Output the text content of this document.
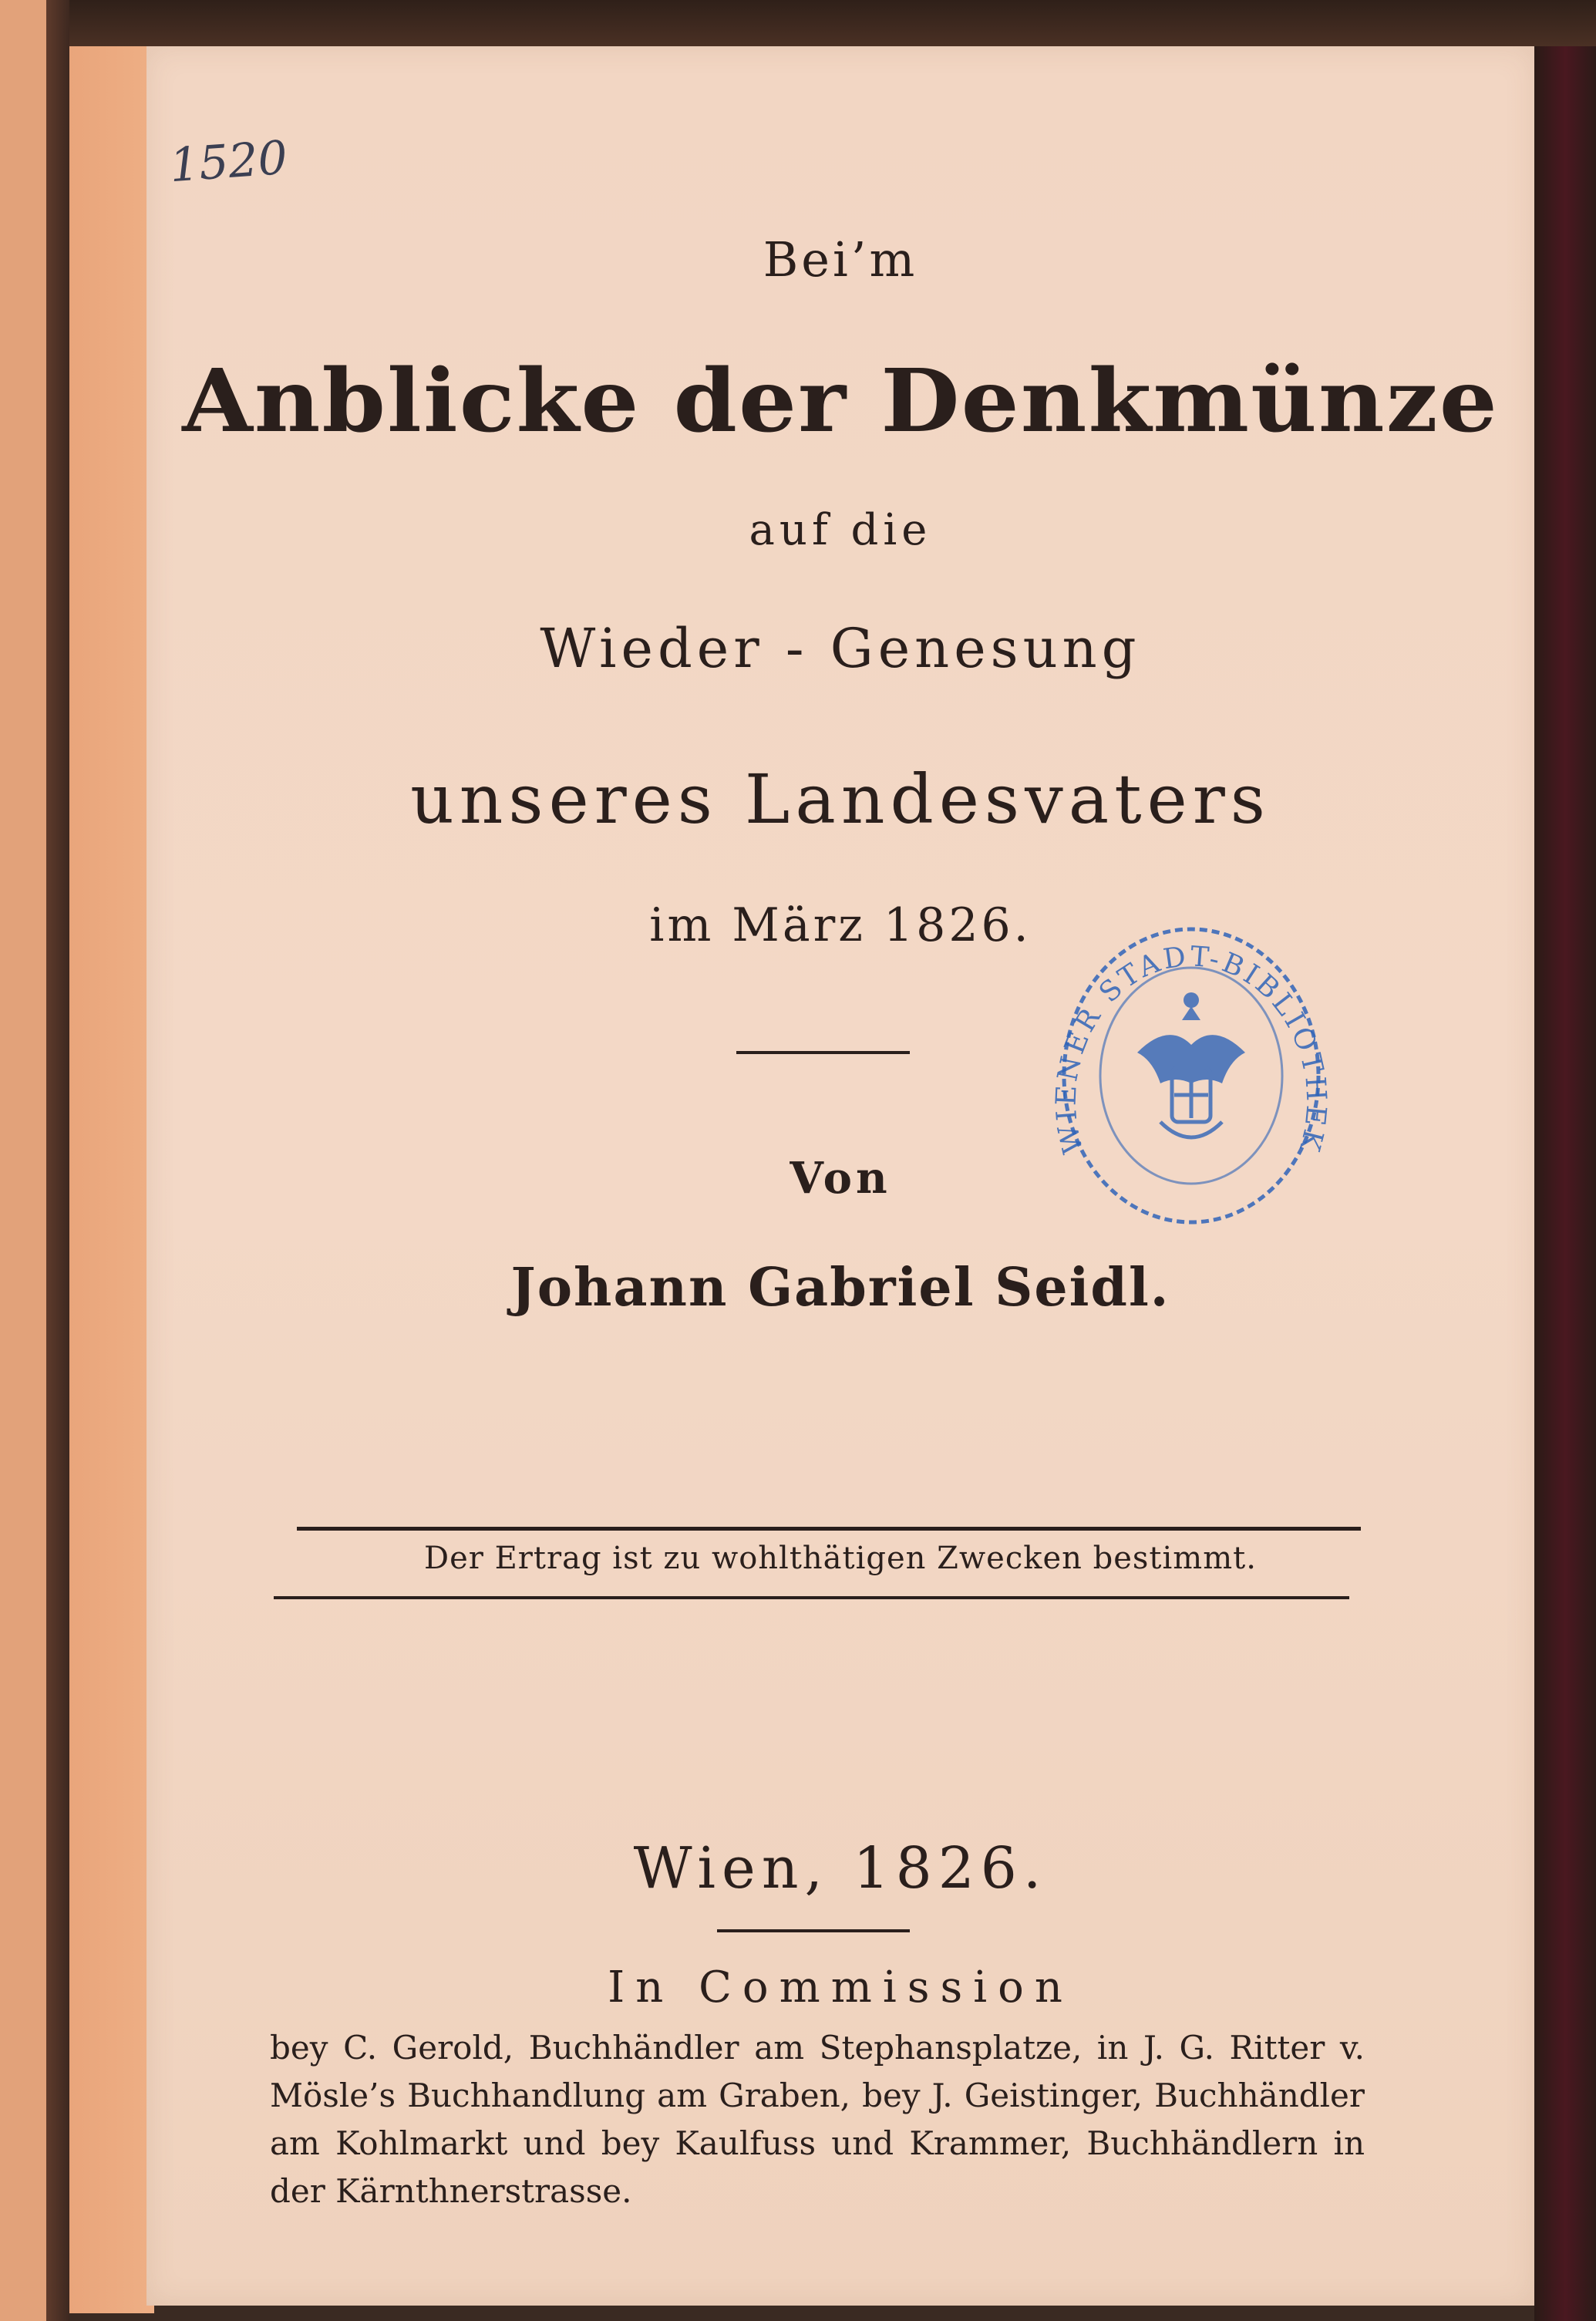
1520
Bei’m
Anblicke der Denkmünze
auf die
Wieder - Genesung
unseres Landesvaters
im März 1826.
WIENER STADT-BIBLIOTHEK
Von
Johann Gabriel Seidl.
Der Ertrag ist zu wohlthätigen Zwecken bestimmt.
Wien, 1826.
In Commission
bey C. Gerold, Buchhändler am Stephansplatze, in J. G. Ritter v. Mösle’s Buchhandlung am Graben, bey J. Geistinger, Buchhändler am Kohlmarkt und bey Kaulfuss und Krammer, Buchhändlern in der Kärnthnerstrasse.
